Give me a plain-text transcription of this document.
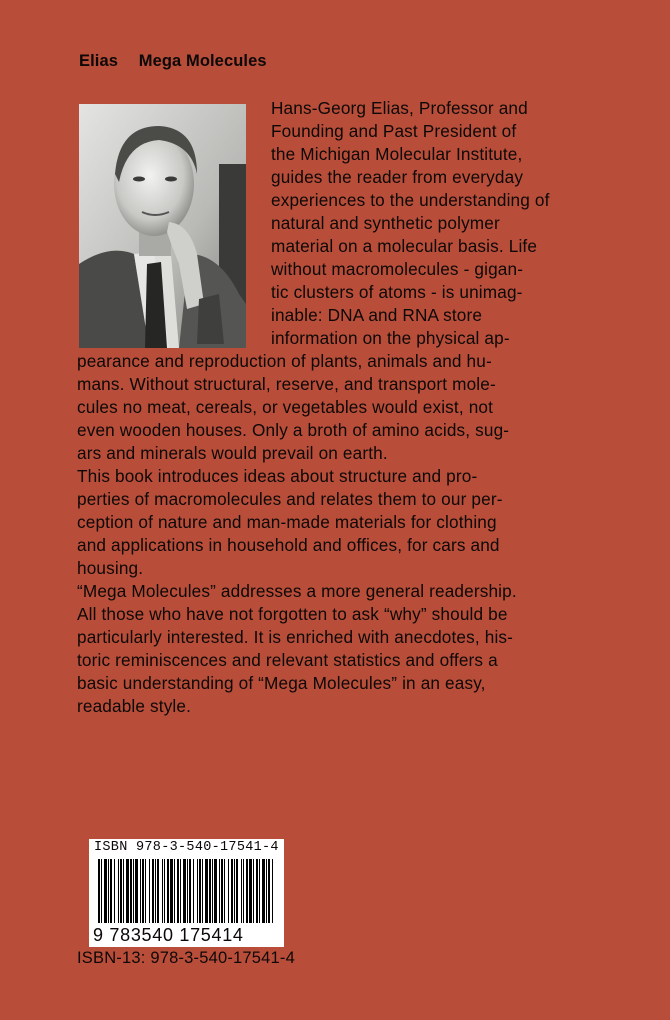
Elias Mega Molecules
Hans-Georg Elias, Professor and
Founding and Past President of
the Michigan Molecular Institute,
guides the reader from everyday
experiences to the understanding of
natural and synthetic polymer
material on a molecular basis. Life
without macromolecules - gigan-
tic clusters of atoms - is unimag-
inable: DNA and RNA store
information on the physical ap-
pearance and reproduction of plants, animals and hu-
mans. Without structural, reserve, and transport mole-
cules no meat, cereals, or vegetables would exist, not
even wooden houses. Only a broth of amino acids, sug-
ars and minerals would prevail on earth.
This book introduces ideas about structure and pro-
perties of macromolecules and relates them to our per-
ception of nature and man-made materials for clothing
and applications in household and offices, for cars and
housing.
“Mega Molecules” addresses a more general readership.
All those who have not forgotten to ask “why” should be
particularly interested. It is enriched with anecdotes, his-
toric reminiscences and relevant statistics and offers a
basic understanding of “Mega Molecules” in an easy,
readable style.
ISBN 978-3-540-17541-4
9 783540 175414
ISBN-13: 978-3-540-17541-4
